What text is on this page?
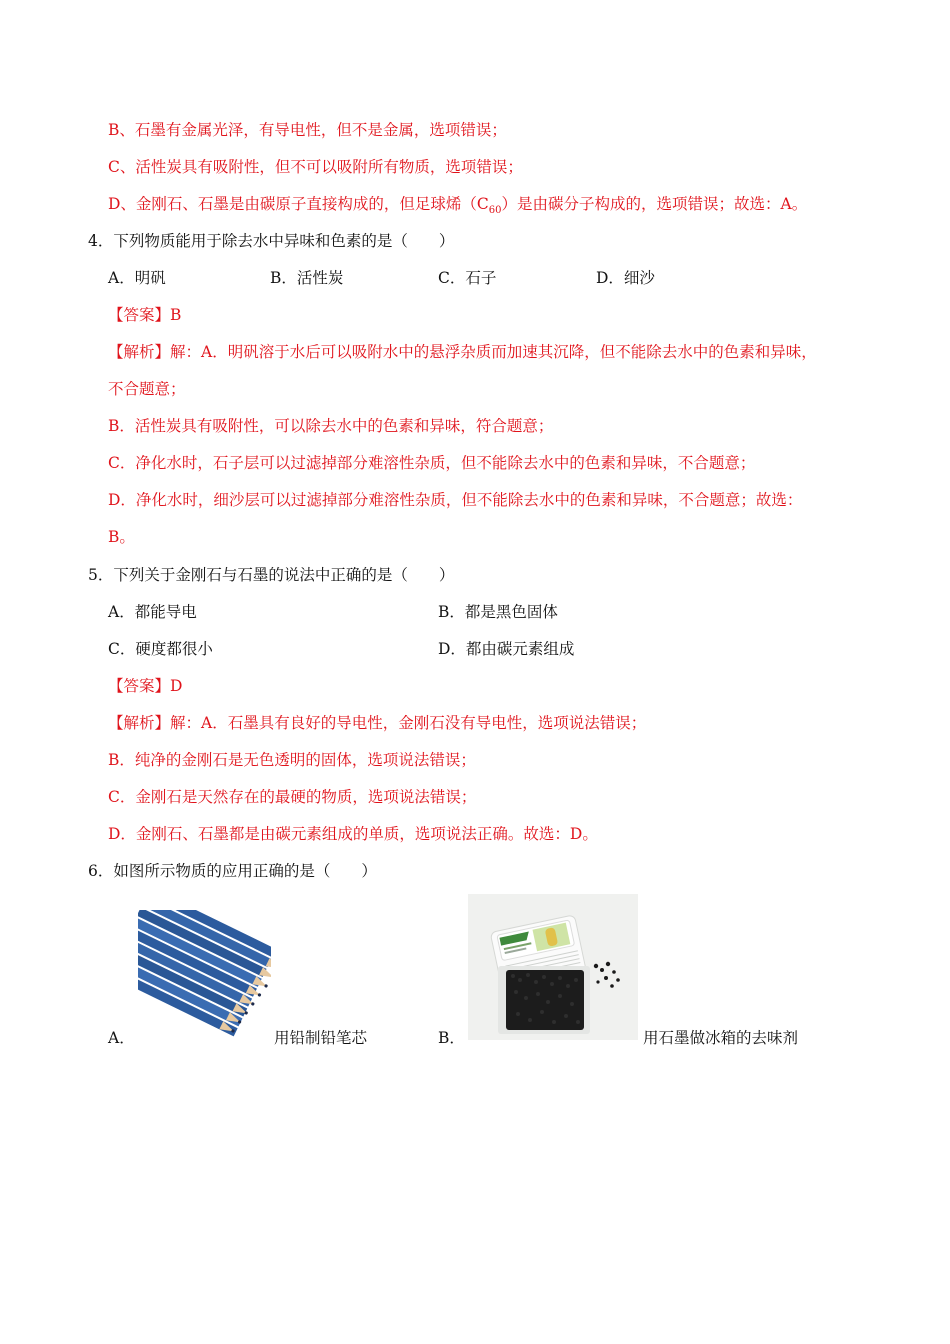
B、石墨有金属光泽，有导电性，但不是金属，选项错误；
C、活性炭具有吸附性，但不可以吸附所有物质，选项错误；
D、金刚石、石墨是由碳原子直接构成的，但足球烯$(C_{60})$是由碳分子构成的，选项错误；故选：A。
4．下列物质能用于除去水中异味和色素的是（　　）
A．明矾	B．活性炭	C．石子	D．细沙
【答案】B
【解析】解：A．明矾溶于水后可以吸附水中的悬浮杂质而加速其沉降，但不能除去水中的色素和异味，
不合题意；
B．活性炭具有吸附性，可以除去水中的色素和异味，符合题意；
C．净化水时，石子层可以过滤掉部分难溶性杂质，但不能除去水中的色素和异味，不合题意；
D．净化水时，细沙层可以过滤掉部分难溶性杂质，但不能除去水中的色素和异味，不合题意；故选：
B。
5．下列关于金刚石与石墨的说法中正确的是（　　）
A．都能导电	B．都是黑色固体
C．硬度都很小	D．都由碳元素组成
【答案】D
【解析】解：A．石墨具有良好的导电性，金刚石没有导电性，选项说法错误；
B．纯净的金刚石是无色透明的固体，选项说法错误；
C．金刚石是天然存在的最硬的物质，选项说法错误；
D．金刚石、石墨都是由碳元素组成的单质，选项说法正确。故选：D。
6．如图所示物质的应用正确的是（　　）
A．	用铅制铅笔芯	B．	用石墨做冰箱的去味剂
